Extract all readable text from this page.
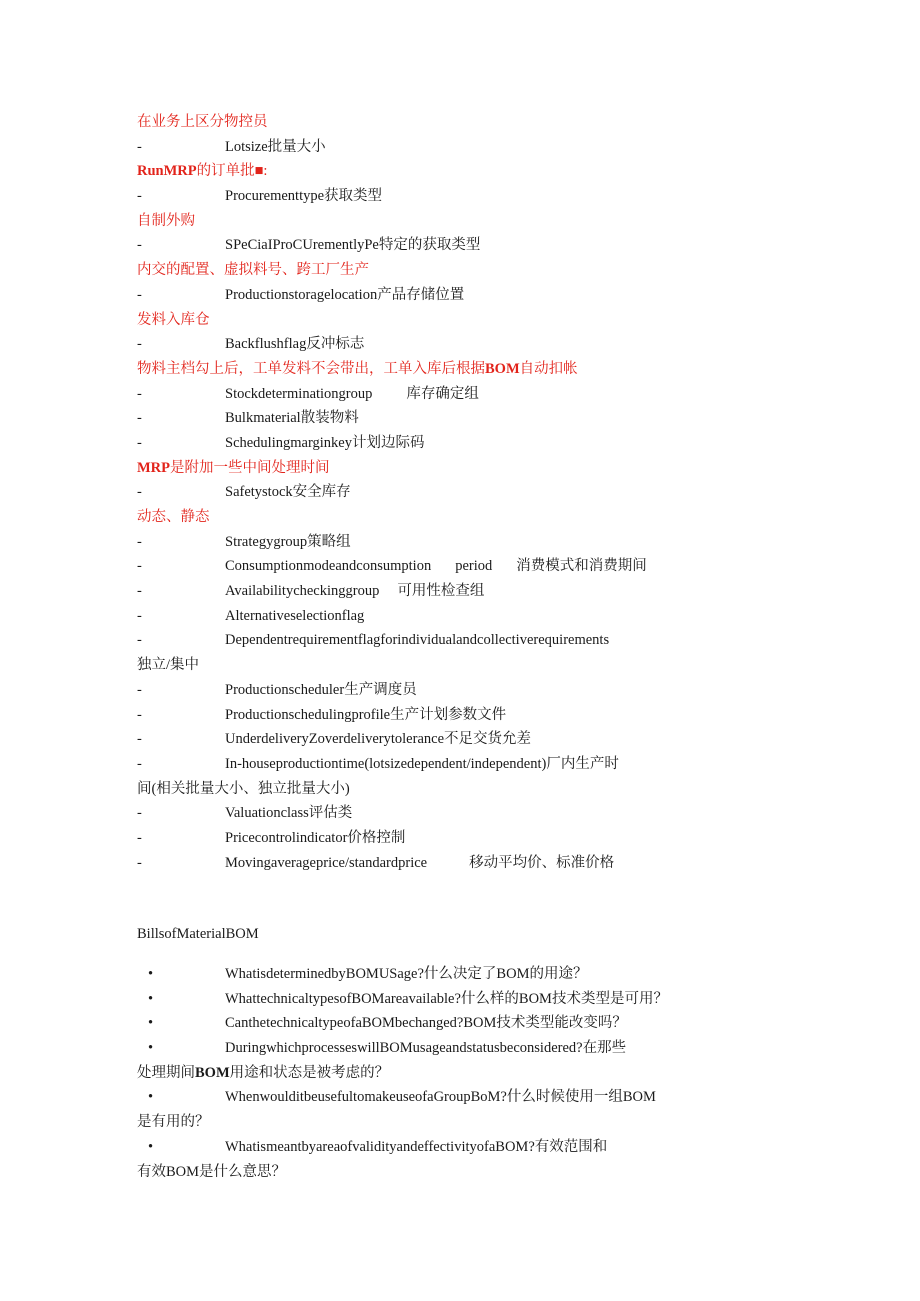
在业务上区分物控员
-	Lotsize批量大小
RunMRP的订单批■:
-	Procurementtype获取类型
自制外购
-	SPeCiaIProCUrementlyPe特定的获取类型
内交的配置、虚拟料号、跨工厂生产
-	Productionstoragelocation产品存储位置
发料入库仓
-	Backflushflag反冲标志
物料主档勾上后，工单发料不会带出，工单入库后根据BOM自动扣帐
-	Stockdeterminationgroup 库存确定组
-	Bulkmaterial散装物料
-	Schedulingmarginkey计划边际码
MRP是附加一些中间处理时间
-	Safetystock安全库存
动态、静态
-	Strategygroup策略组
-	Consumptionmodeandconsumption period 消费模式和消费期间
-	Availabilitycheckinggroup 可用性检查组
-	Alternativeselectionflag
-	Dependentrequirementflagforindividualandcollectiverequirements
独立/集中
-	Productionscheduler生产调度员
-	Productionschedulingprofile生产计划参数文件
-	UnderdeliveryZoverdeliverytolerance不足交货允差
-	In-houseproductiontime(lotsizedependent/independent)厂内生产时
间(相关批量大小、独立批量大小)
-	Valuationclass评估类
-	Pricecontrolindicator价格控制
-	Movingaverageprice/standardprice	移动平均价、标准价格
BillsofMaterialBOM
•	WhatisdeterminedbyBOMUSage?什么决定了BOM的用途？
•	WhattechnicaltypesofBOMareavailable?什么样的BOM技术类型是可用？
•	CanthetechnicaltypeofaBOMbechanged?BOM技术类型能改变吗？
•	DuringwhichprocesseswillBOMusageandstatusbeconsidered?在那些
处理期间BOM用途和状态是被考虑的？
•	WhenwoulditbeusefultomakeuseofaGroupBoM?什么时候使用一组BOM
是有用的？
•	WhatismeantbyareaofvalidityandeffectivityofaBOM?有效范围和
有效BOM是什么意思？
